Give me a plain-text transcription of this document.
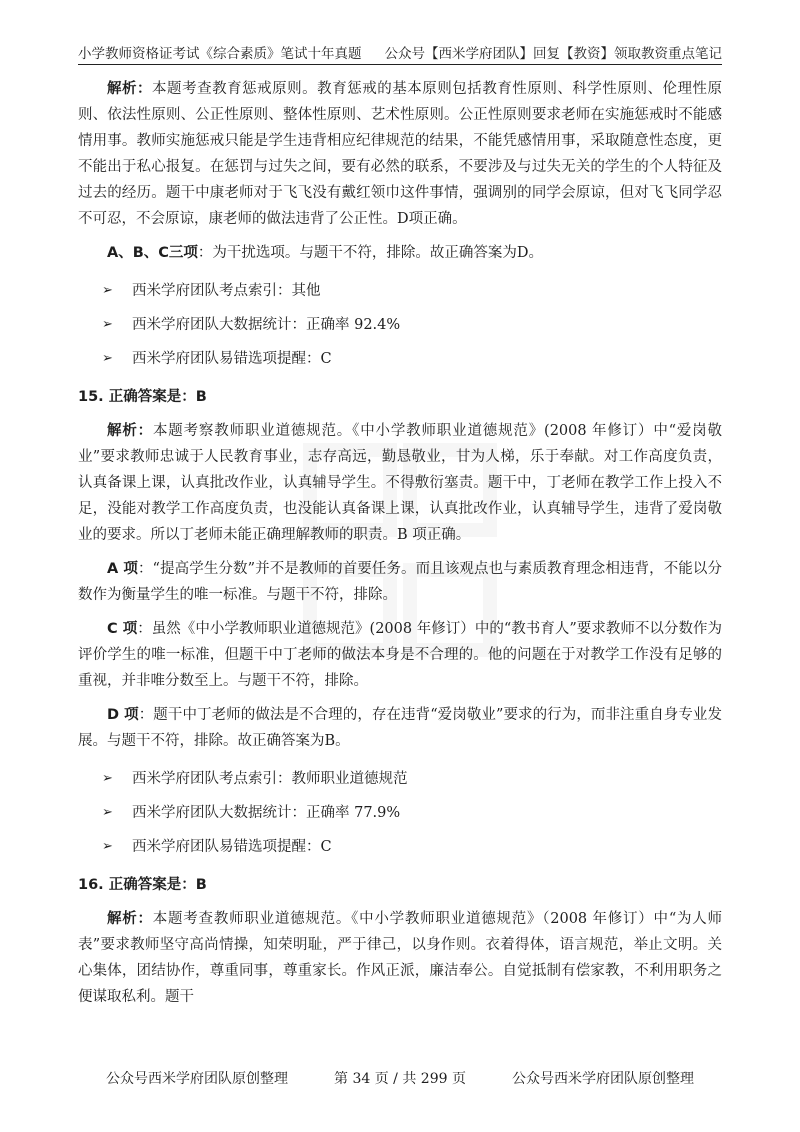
小学教师资格证考试《综合素质》笔试十年真题 公众号【西米学府团队】回复【教资】领取教资重点笔记

解析：本题考查教育惩戒原则。教育惩戒的基本原则包括教育性原则、科学性原则、伦理性原则、依法性原则、公正性原则、整体性原则、艺术性原则。公正性原则要求老师在实施惩戒时不能感情用事。教师实施惩戒只能是学生违背相应纪律规范的结果，不能凭感情用事，采取随意性态度，更不能出于私心报复。在惩罚与过失之间，要有必然的联系，不要涉及与过失无关的学生的个人特征及过去的经历。题干中康老师对于飞飞没有戴红领巾这件事情，强调别的同学会原谅，但对飞飞同学忍不可忍，不会原谅，康老师的做法违背了公正性。D项正确。

A、B、C三项：为干扰选项。与题干不符，排除。故正确答案为D。

➢ 西米学府团队考点索引：其他
➢ 西米学府团队大数据统计：正确率 92.4%
➢ 西米学府团队易错选项提醒：C
15. 正确答案是：B

解析：本题考察教师职业道德规范。《中小学教师职业道德规范》(2008 年修订）中“爱岗敬业”要求教师忠诚于人民教育事业，志存高远，勤恳敬业，甘为人梯，乐于奉献。对工作高度负责，认真备课上课，认真批改作业，认真辅导学生。不得敷衍塞责。题干中，丁老师在教学工作上投入不足，没能对教学工作高度负责，也没能认真备课上课，认真批改作业，认真辅导学生，违背了爱岗敬业的要求。所以丁老师未能正确理解教师的职责。B 项正确。

A 项：“提高学生分数”并不是教师的首要任务。而且该观点也与素质教育理念相违背，不能以分数作为衡量学生的唯一标准。与题干不符，排除。

C 项：虽然《中小学教师职业道德规范》(2008 年修订）中的“教书育人”要求教师不以分数作为评价学生的唯一标准，但题干中丁老师的做法本身是不合理的。他的问题在于对教学工作没有足够的重视，并非唯分数至上。与题干不符，排除。

D 项：题干中丁老师的做法是不合理的，存在违背“爱岗敬业”要求的行为，而非注重自身专业发展。与题干不符，排除。故正确答案为B。

➢ 西米学府团队考点索引：教师职业道德规范
➢ 西米学府团队大数据统计：正确率 77.9%
➢ 西米学府团队易错选项提醒：C
16. 正确答案是：B

解析：本题考查教师职业道德规范。《中小学教师职业道德规范》（2008 年修订）中“为人师表”要求教师坚守高尚情操，知荣明耻，严于律己，以身作则。衣着得体，语言规范，举止文明。关心集体，团结协作，尊重同事，尊重家长。作风正派，廉洁奉公。自觉抵制有偿家教，不利用职务之便谋取私利。题干

公众号西米学府团队原创整理	第 34 页 / 共 299 页	公众号西米学府团队原创整理
